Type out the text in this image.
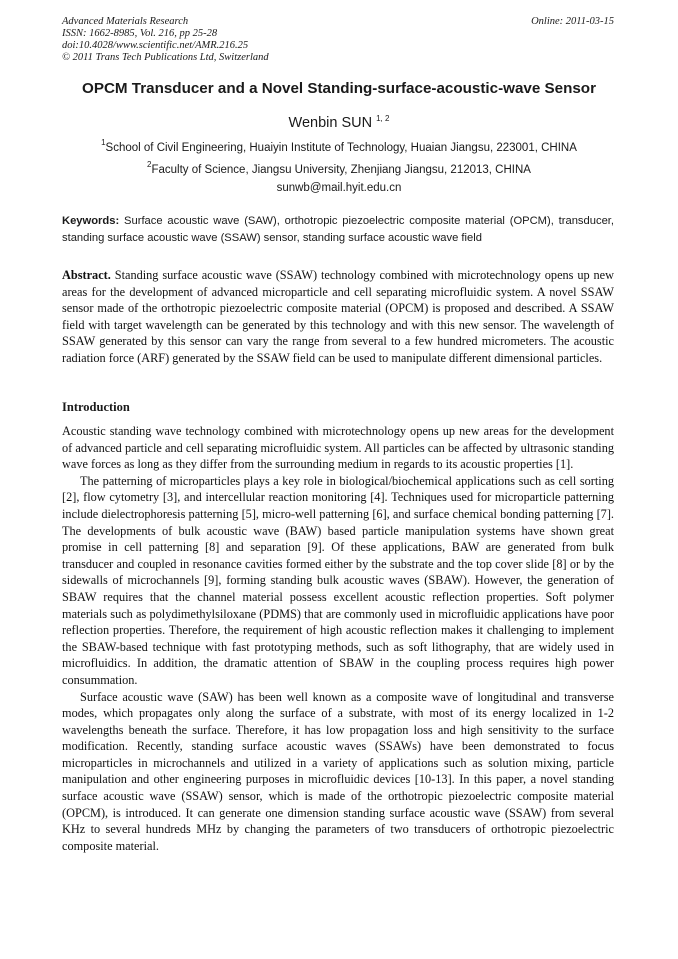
Advanced Materials Research
ISSN: 1662-8985, Vol. 216, pp 25-28
doi:10.4028/www.scientific.net/AMR.216.25
© 2011 Trans Tech Publications Ltd, Switzerland
Online: 2011-03-15
OPCM Transducer and a Novel Standing-surface-acoustic-wave Sensor
Wenbin SUN $^{1, 2}$
$^1$School of Civil Engineering, Huaiyin Institute of Technology, Huaian Jiangsu, 223001, CHINA
$^2$Faculty of Science, Jiangsu University, Zhenjiang Jiangsu, 212013, CHINA
sunwb@mail.hyit.edu.cn
Keywords: Surface acoustic wave (SAW), orthotropic piezoelectric composite material (OPCM), transducer, standing surface acoustic wave (SSAW) sensor, standing surface acoustic wave field
Abstract. Standing surface acoustic wave (SSAW) technology combined with microtechnology opens up new areas for the development of advanced microparticle and cell separating microfluidic system. A novel SSAW sensor made of the orthotropic piezoelectric composite material (OPCM) is proposed and described. A SSAW field with target wavelength can be generated by this technology and with this new sensor. The wavelength of SSAW generated by this sensor can vary the range from several to a few hundred micrometers. The acoustic radiation force (ARF) generated by the SSAW field can be used to manipulate different dimensional particles.
Introduction

Acoustic standing wave technology combined with microtechnology opens up new areas for the development of advanced particle and cell separating microfluidic system. All particles can be affected by ultrasonic standing wave forces as long as they differ from the surrounding medium in regards to its acoustic properties [1].

The patterning of microparticles plays a key role in biological/biochemical applications such as cell sorting [2], flow cytometry [3], and intercellular reaction monitoring [4]. Techniques used for microparticle patterning include dielectrophoresis patterning [5], micro-well patterning [6], and surface chemical bonding patterning [7]. The developments of bulk acoustic wave (BAW) based particle manipulation systems have shown great promise in cell patterning [8] and separation [9]. Of these applications, BAW are generated from bulk transducer and coupled in resonance cavities formed either by the substrate and the top cover slide [8] or by the sidewalls of microchannels [9], forming standing bulk acoustic waves (SBAW). However, the generation of SBAW requires that the channel material possess excellent acoustic reflection properties. Soft polymer materials such as polydimethylsiloxane (PDMS) that are commonly used in microfluidic applications have poor reflection properties. Therefore, the requirement of high acoustic reflection makes it challenging to implement the SBAW-based technique with fast prototyping methods, such as soft lithography, that are widely used in microfluidics. In addition, the dramatic attention of SBAW in the coupling process requires high power consummation.

Surface acoustic wave (SAW) has been well known as a composite wave of longitudinal and transverse modes, which propagates only along the surface of a substrate, with most of its energy localized in 1-2 wavelengths beneath the surface. Therefore, it has low propagation loss and high sensitivity to the surface modification. Recently, standing surface acoustic waves (SSAWs) have been demonstrated to focus microparticles in microchannels and utilized in a variety of applications such as solution mixing, particle manipulation and other engineering purposes in microfluidic devices [10-13]. In this paper, a novel standing surface acoustic wave (SSAW) sensor, which is made of the orthotropic piezoelectric composite material (OPCM), is introduced. It can generate one dimension standing surface acoustic wave (SSAW) from several KHz to several hundreds MHz by changing the parameters of two transducers of orthotropic piezoelectric composite material.
